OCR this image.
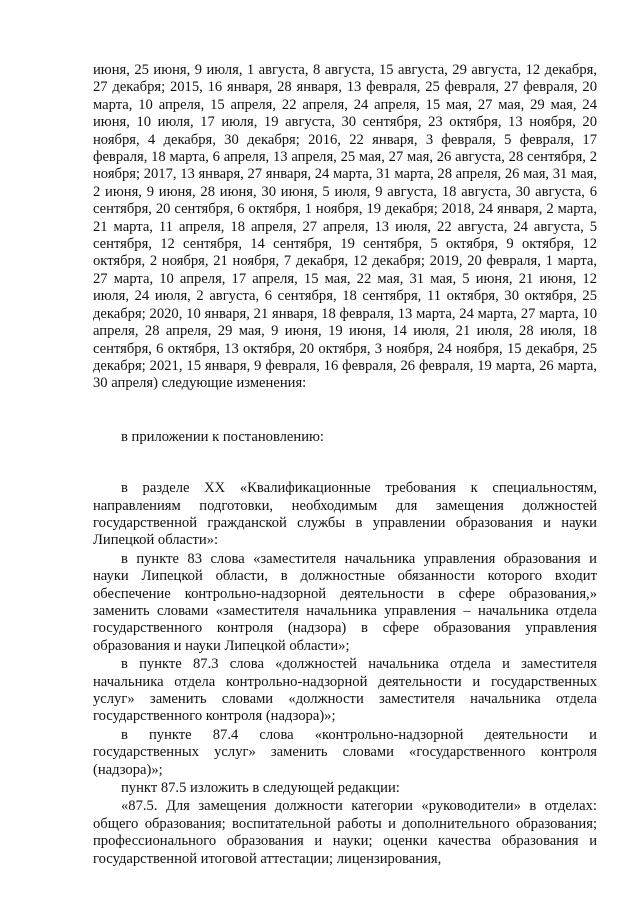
июня, 25 июня, 9 июля, 1 августа, 8 августа, 15 августа, 29 августа, 12 декабря, 27 декабря; 2015, 16 января, 28 января, 13 февраля, 25 февраля, 27 февраля, 20 марта, 10 апреля, 15 апреля, 22 апреля, 24 апреля, 15 мая, 27 мая, 29 мая, 24 июня, 10 июля, 17 июля, 19 августа, 30 сентября, 23 октября, 13 ноября, 20 ноября, 4 декабря, 30 декабря; 2016, 22 января, 3 февраля, 5 февраля, 17 февраля, 18 марта, 6 апреля, 13 апреля, 25 мая, 27 мая, 26 августа, 28 сентября, 2 ноября; 2017, 13 января, 27 января, 24 марта, 31 марта, 28 апреля, 26 мая, 31 мая, 2 июня, 9 июня, 28 июня, 30 июня, 5 июля, 9 августа, 18 августа, 30 августа, 6 сентября, 20 сентября, 6 октября, 1 ноября, 19 декабря; 2018, 24 января, 2 марта, 21 марта, 11 апреля, 18 апреля, 27 апреля, 13 июля, 22 августа, 24 августа, 5 сентября, 12 сентября, 14 сентября, 19 сентября, 5 октября, 9 октября, 12 октября, 2 ноября, 21 ноября, 7 декабря, 12 декабря; 2019, 20 февраля, 1 марта, 27 марта, 10 апреля, 17 апреля, 15 мая, 22 мая, 31 мая, 5 июня, 21 июня, 12 июля, 24 июля, 2 августа, 6 сентября, 18 сентября, 11 октября, 30 октября, 25 декабря; 2020, 10 января, 21 января, 18 февраля, 13 марта, 24 марта, 27 марта, 10 апреля, 28 апреля, 29 мая, 9 июня, 19 июня, 14 июля, 21 июля, 28 июля, 18 сентября, 6 октября, 13 октября, 20 октября, 3 ноября, 24 ноября, 15 декабря, 25 декабря; 2021, 15 января, 9 февраля, 16 февраля, 26 февраля, 19 марта, 26 марта, 30 апреля) следующие изменения:

в приложении к постановлению:

в разделе XX «Квалификационные требования к специальностям, направлениям подготовки, необходимым для замещения должностей государственной гражданской службы в управлении образования и науки Липецкой области»:

в пункте 83 слова «заместителя начальника управления образования и науки Липецкой области, в должностные обязанности которого входит обеспечение контрольно-надзорной деятельности в сфере образования,» заменить словами «заместителя начальника управления – начальника отдела государственного контроля (надзора) в сфере образования управления образования и науки Липецкой области»;

в пункте 87.3 слова «должностей начальника отдела и заместителя начальника отдела контрольно-надзорной деятельности и государственных услуг» заменить словами «должности заместителя начальника отдела государственного контроля (надзора)»;

в пункте 87.4 слова «контрольно-надзорной деятельности и государственных услуг» заменить словами «государственного контроля (надзора)»;

пункт 87.5 изложить в следующей редакции:

«87.5. Для замещения должности категории «руководители» в отделах: общего образования; воспитательной работы и дополнительного образования; профессионального образования и науки; оценки качества образования и государственной итоговой аттестации; лицензирования,
